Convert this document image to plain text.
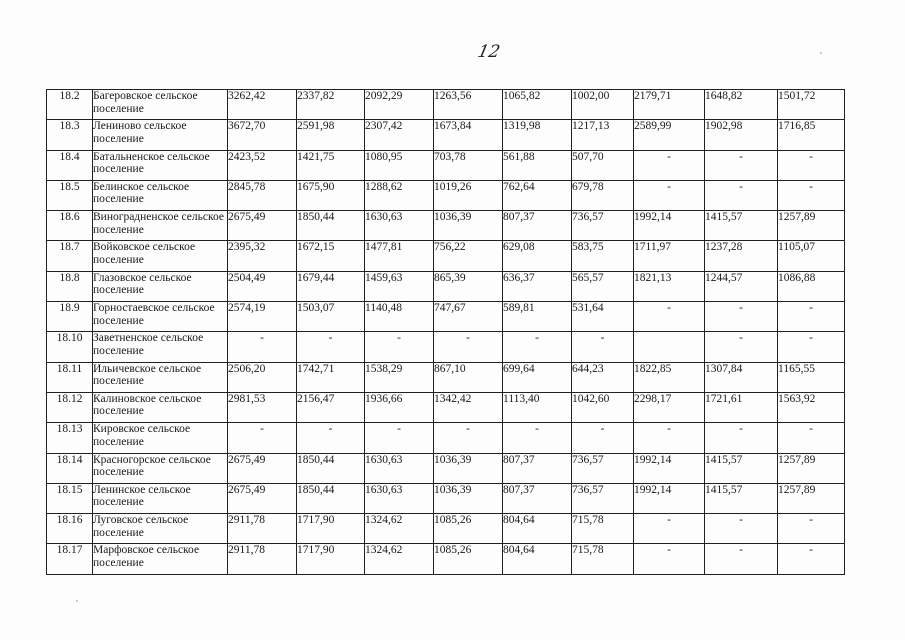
12
18.2	Багеровское сельское поселение	3262,42	2337,82	2092,29	1263,56	1065,82	1002,00	2179,71	1648,82	1501,72
18.3	Лениново сельское поселение	3672,70	2591,98	2307,42	1673,84	1319,98	1217,13	2589,99	1902,98	1716,85
18.4	Батальненское сельское поселение	2423,52	1421,75	1080,95	703,78	561,88	507,70	-	-	-
18.5	Белинское сельское поселение	2845,78	1675,90	1288,62	1019,26	762,64	679,78	-	-	-
18.6	Виноградненское сельское поселение	2675,49	1850,44	1630,63	1036,39	807,37	736,57	1992,14	1415,57	1257,89
18.7	Войковское сельское поселение	2395,32	1672,15	1477,81	756,22	629,08	583,75	1711,97	1237,28	1105,07
18.8	Глазовское сельское поселение	2504,49	1679,44	1459,63	865,39	636,37	565,57	1821,13	1244,57	1086,88
18.9	Горностаевское сельское поселение	2574,19	1503,07	1140,48	747,67	589,81	531,64	-	-	-
18.10	Заветненское сельское поселение	-	-	-	-	-	-		-	-
18.11	Ильичевское сельское поселение	2506,20	1742,71	1538,29	867,10	699,64	644,23	1822,85	1307,84	1165,55
18.12	Калиновское сельское поселение	2981,53	2156,47	1936,66	1342,42	1113,40	1042,60	2298,17	1721,61	1563,92
18.13	Кировское сельское поселение	-	-	-	-	-	-	-	-	-
18.14	Красногорское сельское поселение	2675,49	1850,44	1630,63	1036,39	807,37	736,57	1992,14	1415,57	1257,89
18.15	Ленинское сельское поселение	2675,49	1850,44	1630,63	1036,39	807,37	736,57	1992,14	1415,57	1257,89
18.16	Луговское сельское поселение	2911,78	1717,90	1324,62	1085,26	804,64	715,78	-	-	-
18.17	Марфовское сельское поселение	2911,78	1717,90	1324,62	1085,26	804,64	715,78	-	-	-
